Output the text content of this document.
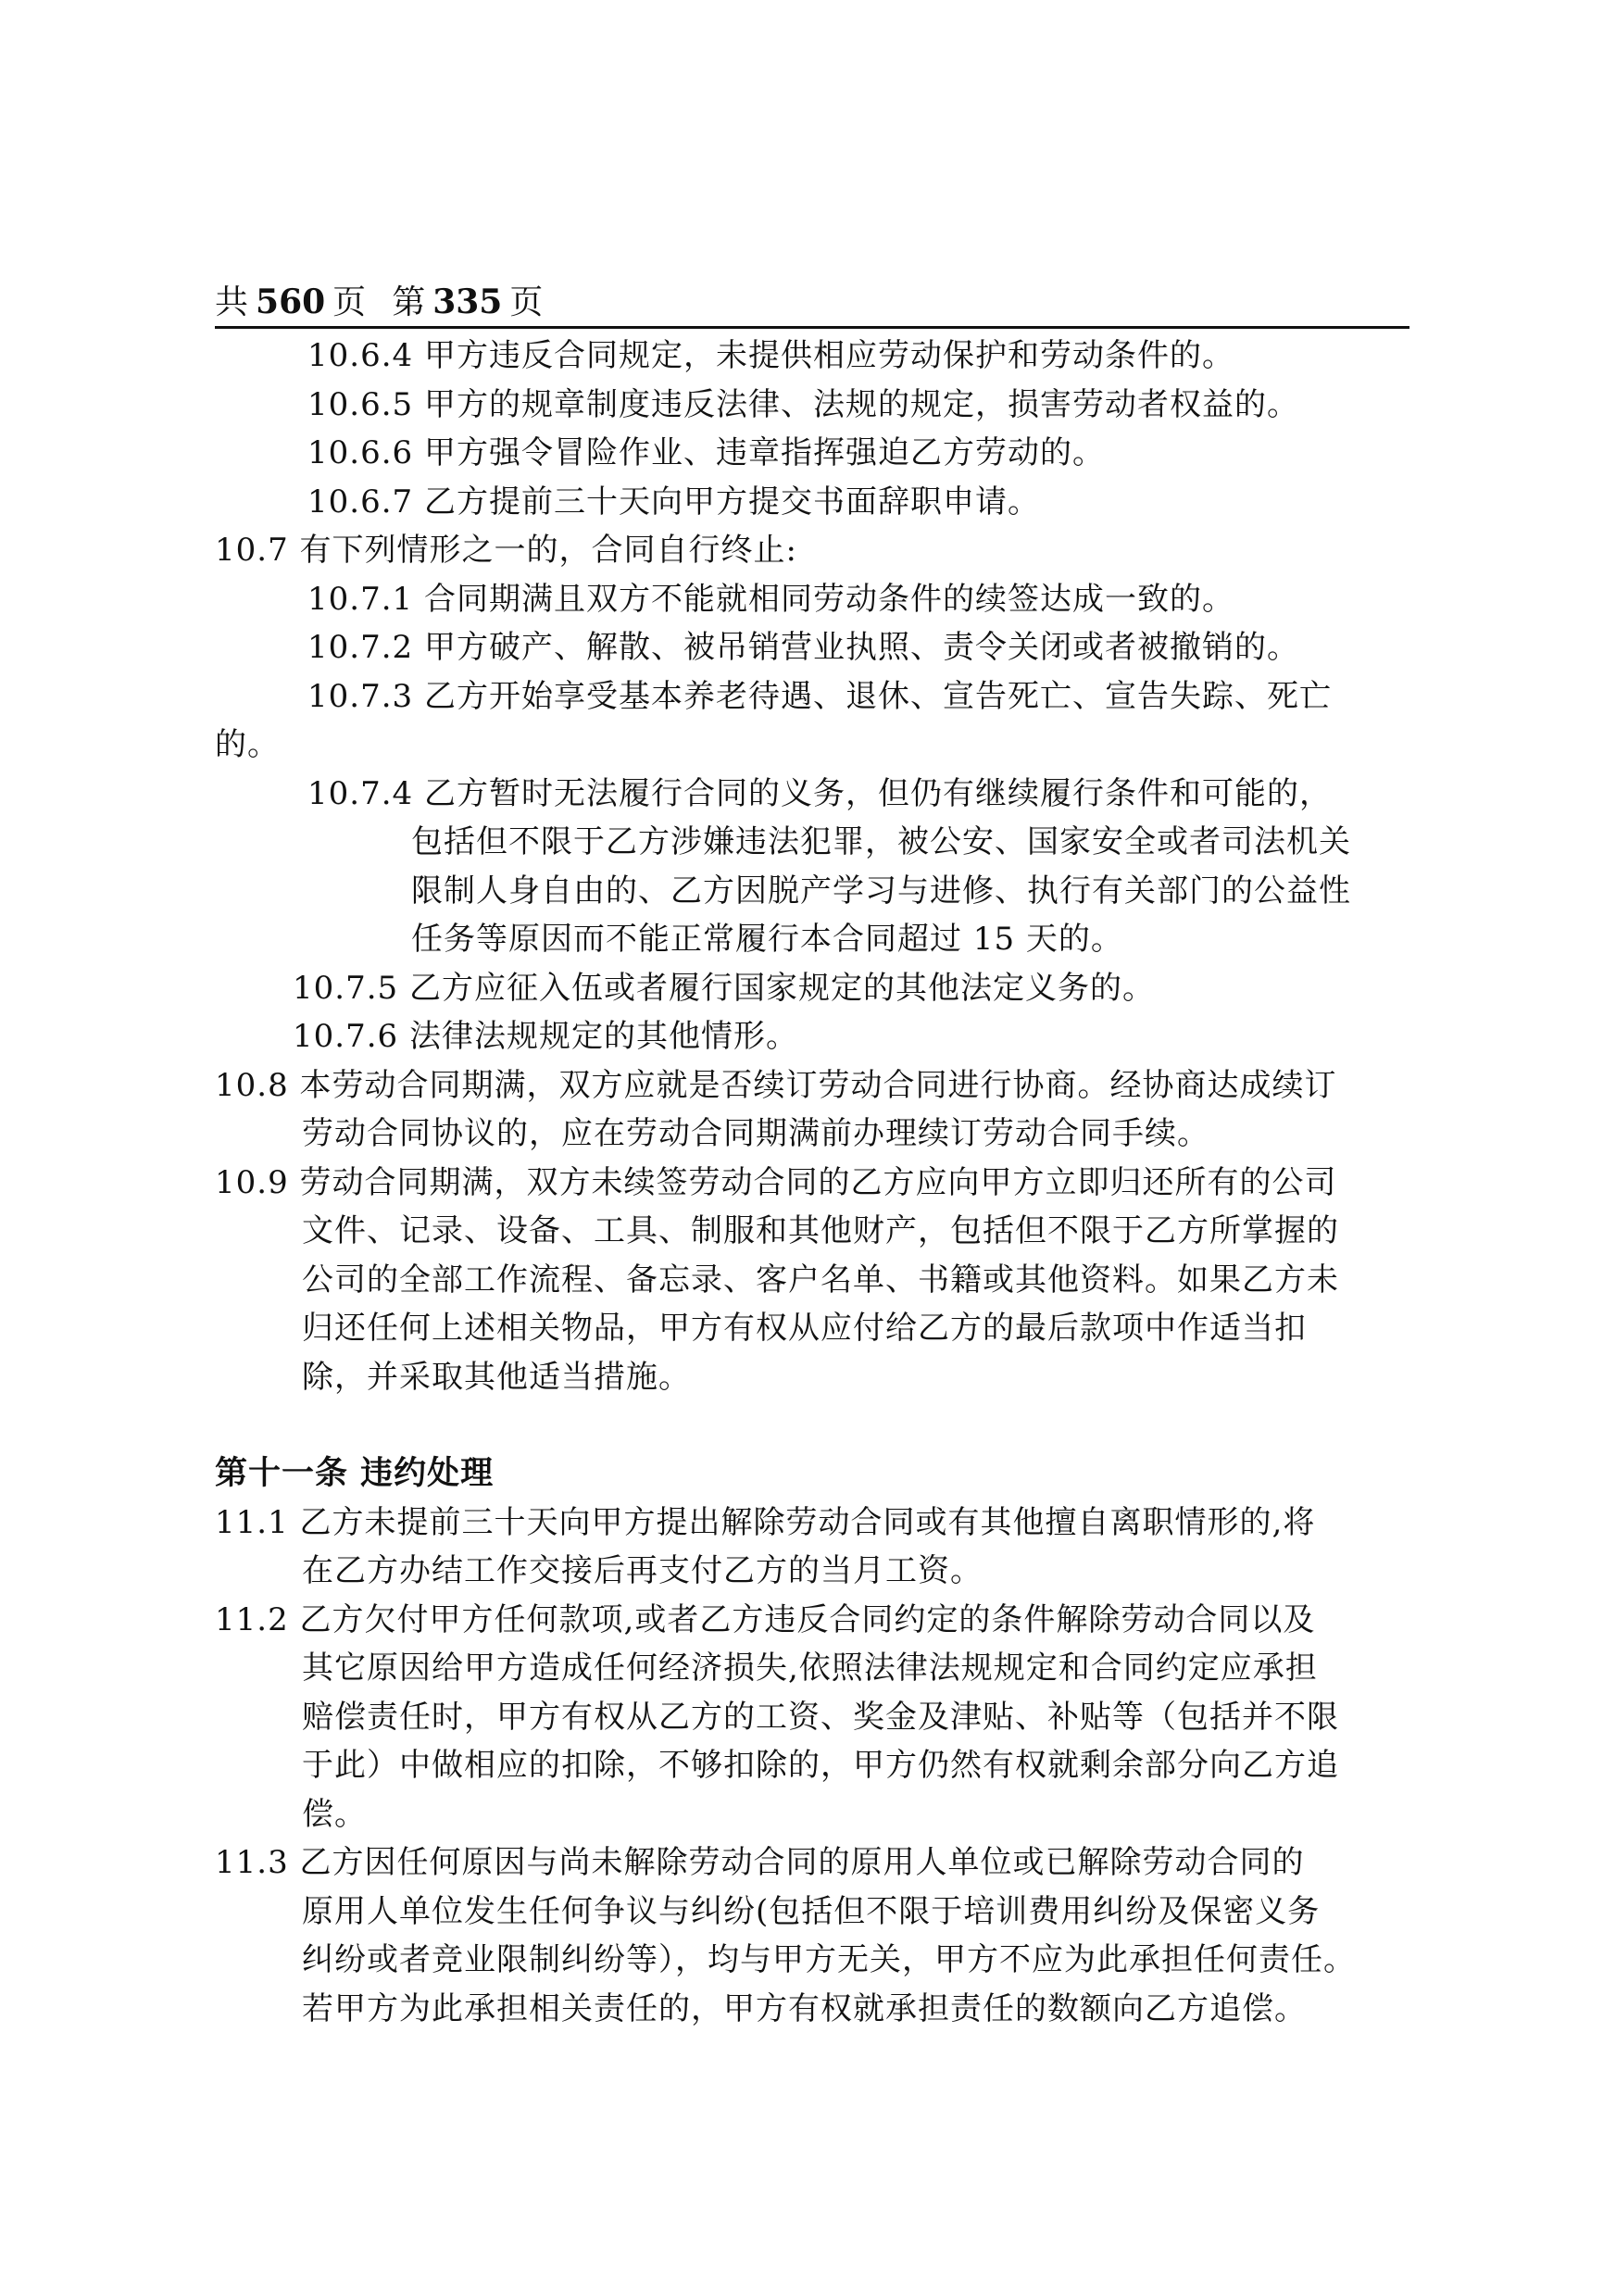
共 560 页 第 335 页

10.6.4 甲方违反合同规定，未提供相应劳动保护和劳动条件的。

10.6.5 甲方的规章制度违反法律、法规的规定，损害劳动者权益的。

10.6.6 甲方强令冒险作业、违章指挥强迫乙方劳动的。

10.6.7 乙方提前三十天向甲方提交书面辞职申请。

10.7 有下列情形之一的，合同自行终止:

10.7.1 合同期满且双方不能就相同劳动条件的续签达成一致的。

10.7.2 甲方破产、解散、被吊销营业执照、责令关闭或者被撤销的。

10.7.3 乙方开始享受基本养老待遇、退休、宣告死亡、宣告失踪、死亡

的。

10.7.4 乙方暂时无法履行合同的义务，但仍有继续履行条件和可能的，

包括但不限于乙方涉嫌违法犯罪，被公安、国家安全或者司法机关

限制人身自由的、乙方因脱产学习与进修、执行有关部门的公益性

任务等原因而不能正常履行本合同超过 15 天的。

10.7.5 乙方应征入伍或者履行国家规定的其他法定义务的。

10.7.6 法律法规规定的其他情形。

10.8 本劳动合同期满，双方应就是否续订劳动合同进行协商。经协商达成续订

劳动合同协议的，应在劳动合同期满前办理续订劳动合同手续。

10.9 劳动合同期满，双方未续签劳动合同的乙方应向甲方立即归还所有的公司

文件、记录、设备、工具、制服和其他财产，包括但不限于乙方所掌握的

公司的全部工作流程、备忘录、客户名单、书籍或其他资料。如果乙方未

归还任何上述相关物品，甲方有权从应付给乙方的最后款项中作适当扣

除，并采取其他适当措施。

第十一条 违约处理

11.1 乙方未提前三十天向甲方提出解除劳动合同或有其他擅自离职情形的,将

在乙方办结工作交接后再支付乙方的当月工资。

11.2 乙方欠付甲方任何款项,或者乙方违反合同约定的条件解除劳动合同以及

其它原因给甲方造成任何经济损失,依照法律法规规定和合同约定应承担

赔偿责任时，甲方有权从乙方的工资、奖金及津贴、补贴等（包括并不限

于此）中做相应的扣除，不够扣除的，甲方仍然有权就剩余部分向乙方追

偿。

11.3 乙方因任何原因与尚未解除劳动合同的原用人单位或已解除劳动合同的

原用人单位发生任何争议与纠纷(包括但不限于培训费用纠纷及保密义务

纠纷或者竞业限制纠纷等），均与甲方无关，甲方不应为此承担任何责任。

若甲方为此承担相关责任的，甲方有权就承担责任的数额向乙方追偿。
